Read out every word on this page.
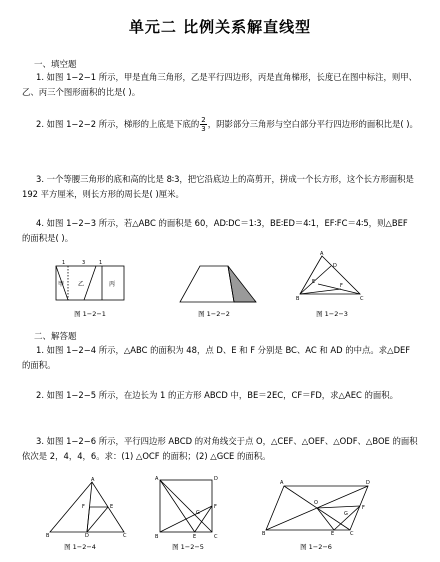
单元二 比例关系解直线型
一、填空题
1. 如图 1−2−1 所示，甲是直角三角形，乙是平行四边形，丙是直角梯形，长度已在图中标注，则甲、乙、丙三个图形面积的比是( )。
2. 如图 1−2−2 所示，梯形的上底是下底的 $\frac{2}{3}$ ，阴影部分三角形与空白部分平行四边形的面积比是( )。
3. 一个等腰三角形的底和高的比是 8∶3，把它沿底边上的高剪开，拼成一个长方形，这个长方形面积是 192 平方厘米，则长方形的周长是( )厘米。
4. 如图 1−2−3 所示，若△ABC 的面积是 60，AD∶DC＝1∶3，BE∶ED＝4∶1，EF∶FC＝4∶5，则△BEF 的面积是( )。
1	3	1
甲 乙	丙
图 1−2−1	图 1−2−2
A
D
E
F
B	C
图 1−2−3
二、解答题
1. 如图 1−2−4 所示，△ABC 的面积为 48，点 D、E 和 F 分别是 BC、AC 和 AD 的中点。求△DEF 的面积。
2. 如图 1−2−5 所示，在边长为 1 的正方形 ABCD 中，BE＝2EC，CF＝FD，求△AEC 的面积。
3. 如图 1−2−6 所示，平行四边形 ABCD 的对角线交于点 O，△CEF、△OEF、△ODF、△BOE 的面积依次是 2，4，4，6。求：(1) △OCF 的面积；(2) △GCE 的面积。
A
F	E
B	D	C
图 1−2−4
A	D
F
G
B	E	C
图 1−2−5
A	D
F
G
O
B	E	C
图 1−2−6
